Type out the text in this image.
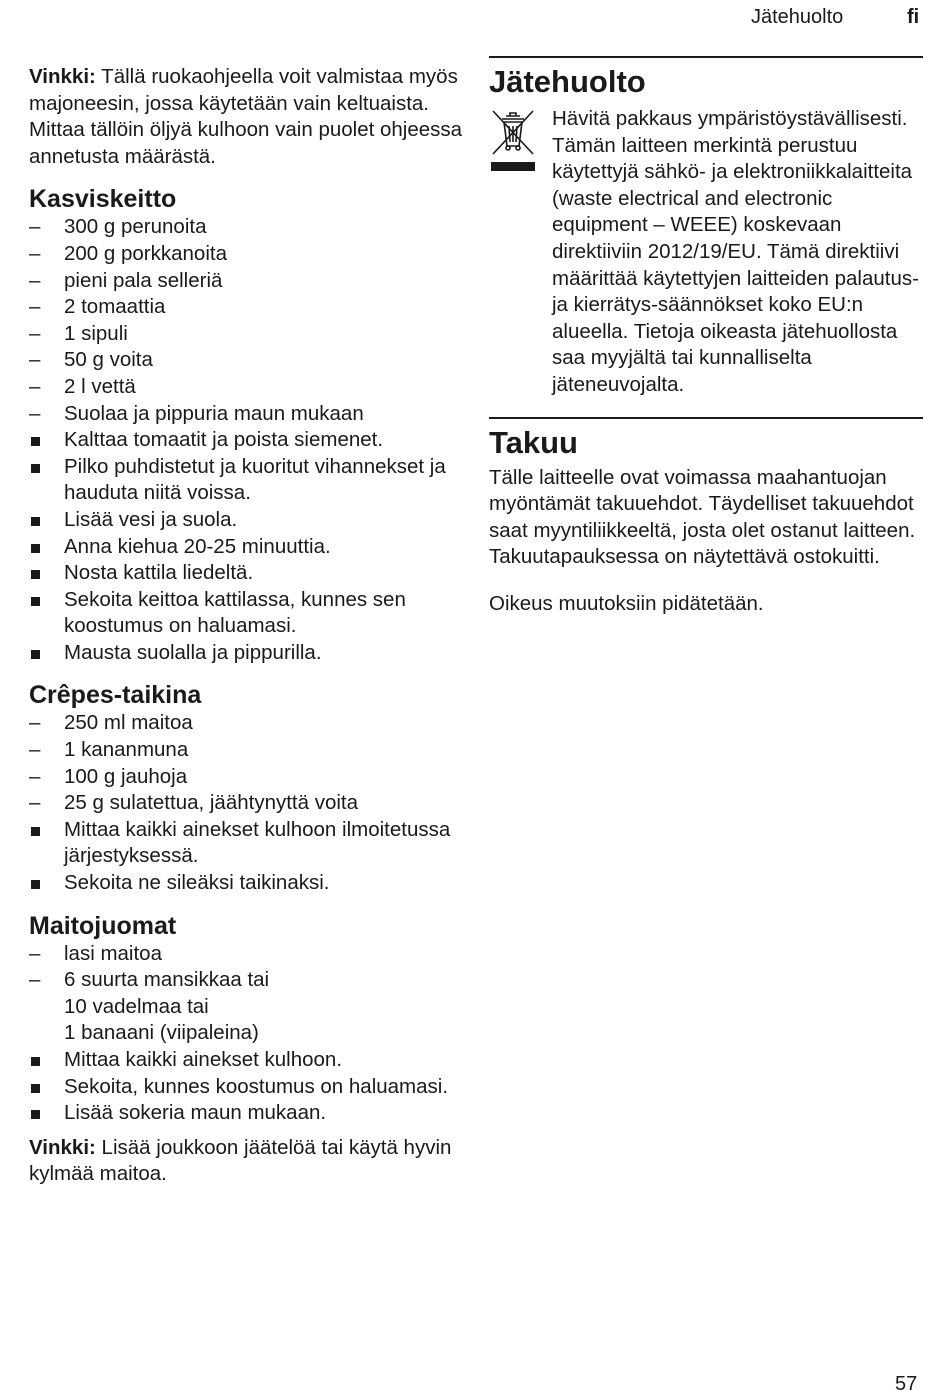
Jätehuolto	fi

Vinkki: Tällä ruokaohjeella voit valmistaa myös majoneesin, jossa käytetään vain keltuaista. Mittaa tällöin öljyä kulhoon vain puolet ohjeessa annetusta määrästä.

Kasviskeitto
– 300 g perunoita
– 200 g porkkanoita
– pieni pala selleriä
– 2 tomaattia
– 1 sipuli
– 50 g voita
– 2 l vettä
– Suolaa ja pippuria maun mukaan
Kalttaa tomaatit ja poista siemenet.
Pilko puhdistetut ja kuoritut vihannekset ja hauduta niitä voissa.
Lisää vesi ja suola.
Anna kiehua 20-25 minuuttia.
Nosta kattila liedeltä.
Sekoita keittoa kattilassa, kunnes sen koostumus on haluamasi.
Mausta suolalla ja pippurilla.
Crêpes-taikina
– 250 ml maitoa
– 1 kananmuna
– 100 g jauhoja
– 25 g sulatettua, jäähtynyttä voita
Mittaa kaikki ainekset kulhoon ilmoitetussa järjestyksessä.
Sekoita ne sileäksi taikinaksi.
Maitojuomat
– lasi maitoa
– 6 suurta mansikkaa tai
10 vadelmaa tai
1 banaani (viipaleina)
Mittaa kaikki ainekset kulhoon.
Sekoita, kunnes koostumus on haluamasi.
Lisää sokeria maun mukaan.

Vinkki: Lisää joukkoon jäätelöä tai käytä hyvin kylmää maitoa.

Jätehuolto
Hävitä pakkaus ympäristöystävällisesti. Tämän laitteen merkintä perustuu käytettyjä sähkö- ja elektroniikkalaitteita (waste electrical and electronic equipment – WEEE) koskevaan direktiiviin 2012/19/EU. Tämä direktiivi määrittää käytettyjen laitteiden palautus- ja kierrätys-säännökset koko EU:n alueella. Tietoja oikeasta jätehuollosta saa myyjältä tai kunnalliselta jäteneuvojalta.
Takuu

Tälle laitteelle ovat voimassa maahantuojan myöntämät takuuehdot. Täydelliset takuuehdot saat myyntiliikkeeltä, josta olet ostanut laitteen. Takuutapauksessa on näytettävä ostokuitti.

Oikeus muutoksiin pidätetään.

57
